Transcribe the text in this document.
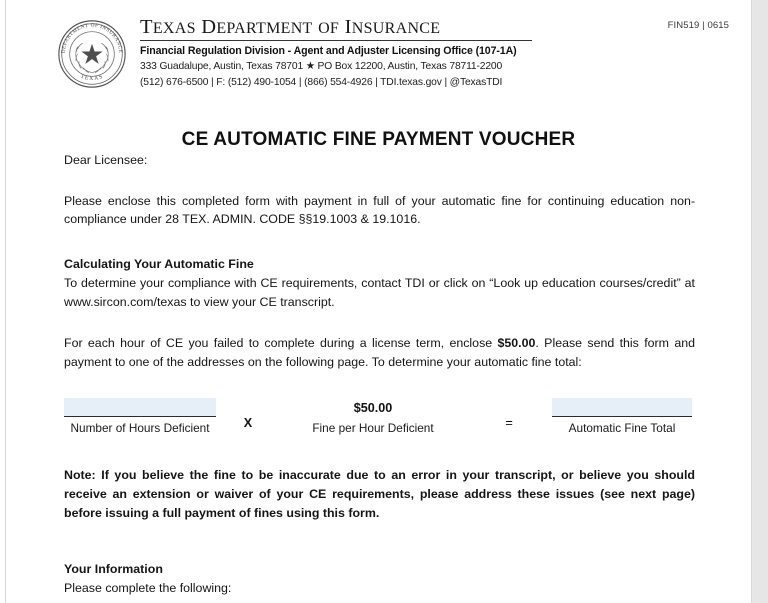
DEPARTMENT OF INSURANCE
TEXAS
TEXAS DEPARTMENT OF INSURANCE
Financial Regulation Division - Agent and Adjuster Licensing Office (107-1A)
333 Guadalupe, Austin, Texas 78701 ★ PO Box 12200, Austin, Texas 78711-2200
(512) 676-6500 | F: (512) 490-1054 | (866) 554-4926 | TDI.texas.gov | @TexasTDI
FIN519 | 0615
CE AUTOMATIC FINE PAYMENT VOUCHER

Dear Licensee:

Please enclose this completed form with payment in full of your automatic fine for continuing education non-compliance under 28 TEX. ADMIN. CODE §§19.1003 & 19.1016.

Calculating Your Automatic Fine

To determine your compliance with CE requirements, contact TDI or click on “Look up education courses/credit” at www.sircon.com/texas to view your CE transcript.

For each hour of CE you failed to complete during a license term, enclose $50.00. Please send this form and payment to one of the addresses on the following page. To determine your automatic fine total:

Number of Hours Deficient	X
$50.00
Fine per Hour Deficient	=	Automatic Fine Total

Note: If you believe the fine to be inaccurate due to an error in your transcript, or believe you should receive an extension or waiver of your CE requirements, please address these issues (see next page) before issuing a full payment of fines using this form.

Your Information

Please complete the following:
